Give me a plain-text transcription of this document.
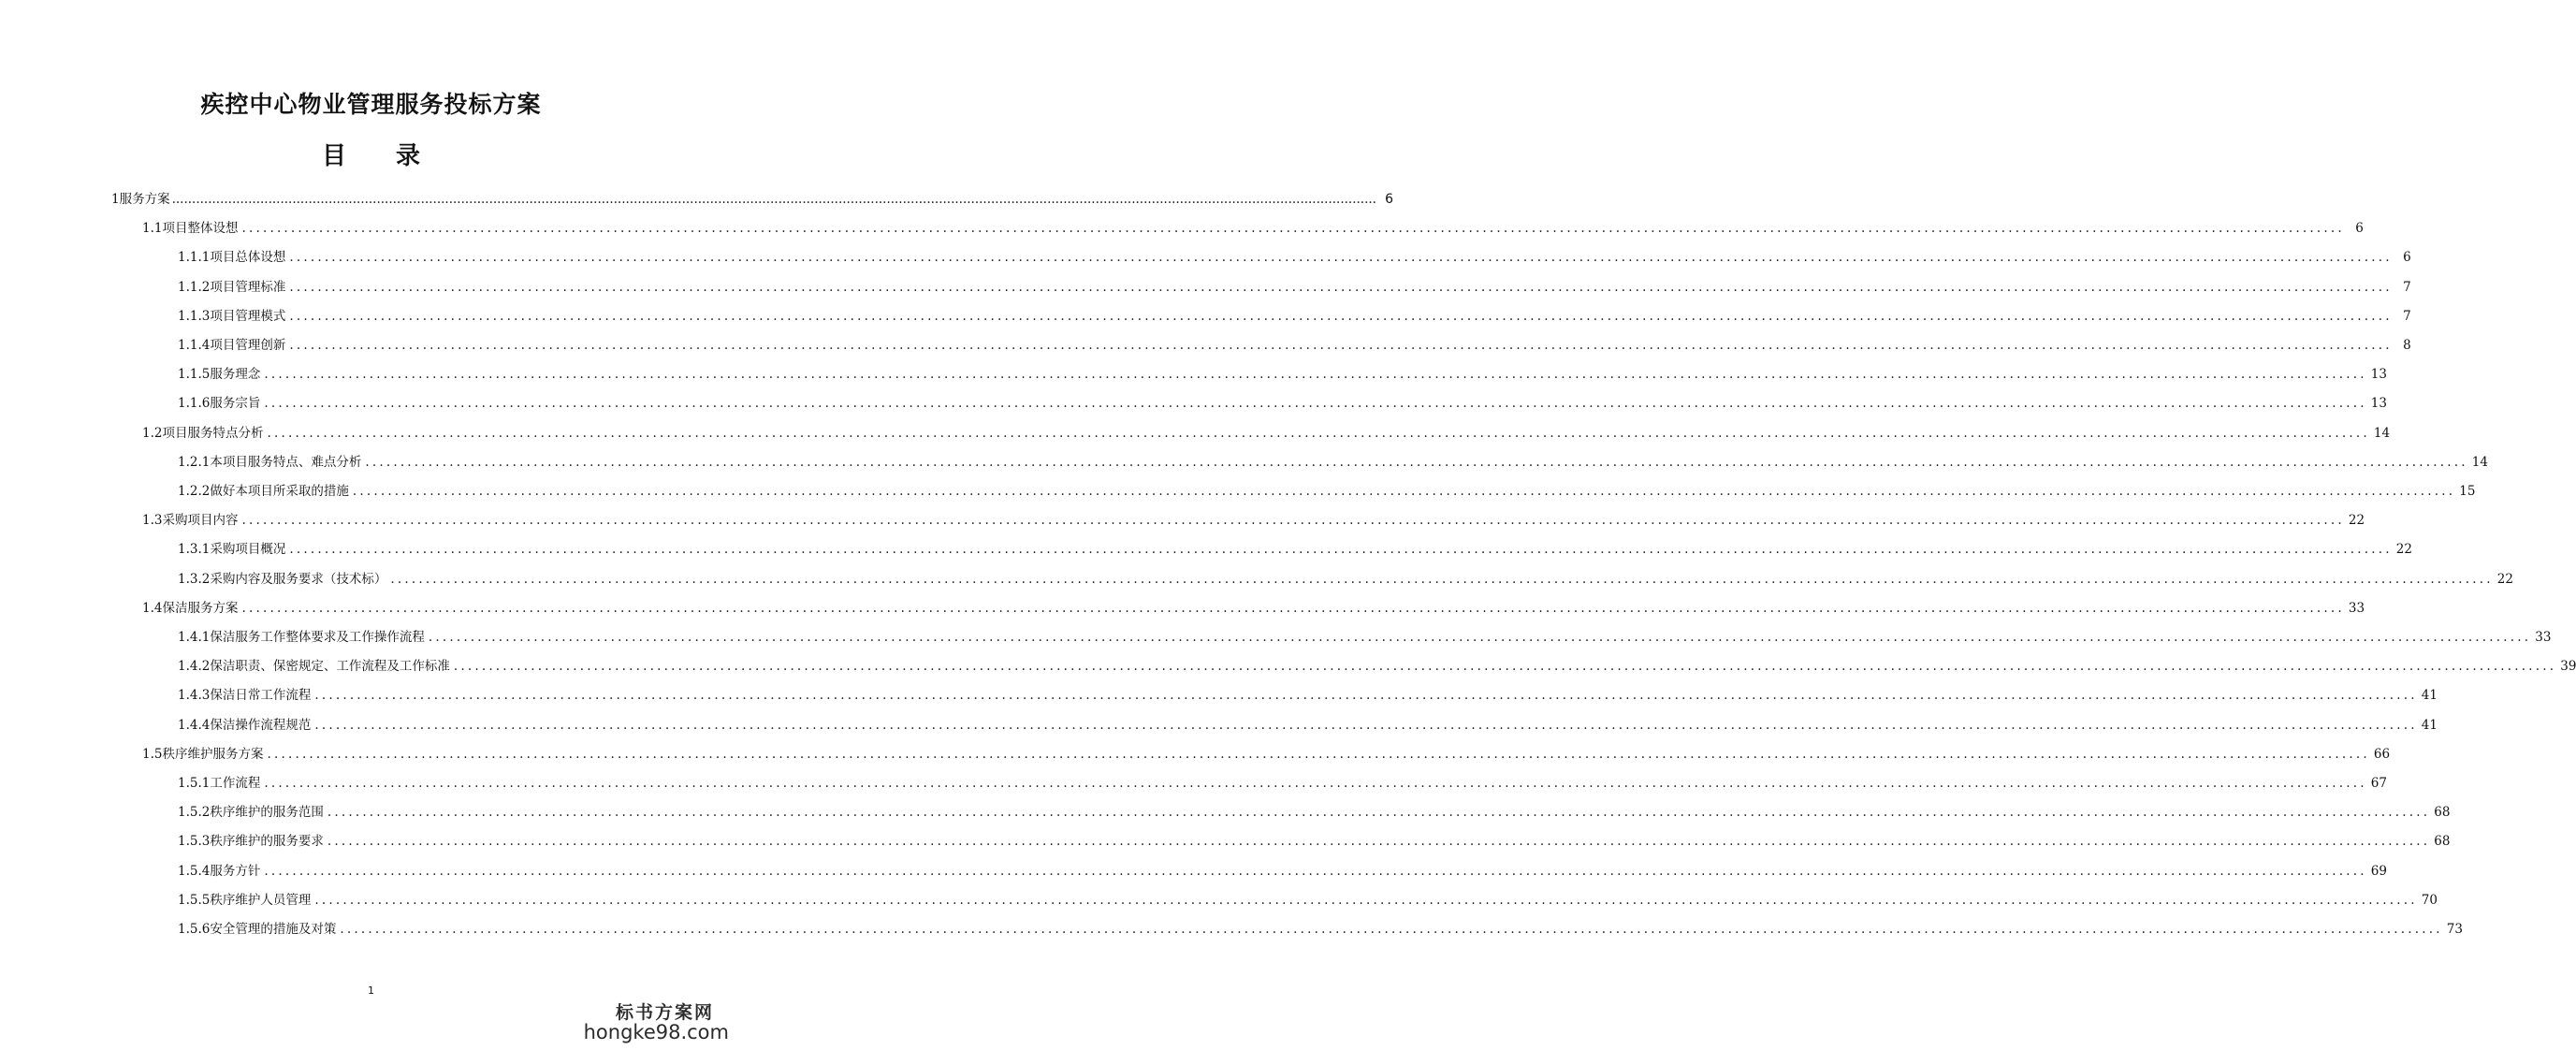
疾控中心物业管理服务投标方案
目 录
1服务方案 ............................................................................................................................................................................................................................................................................................................ 6
1.1项目整体设想 ............................................................................................................................................................................................................................................................................................................ 6
1.1.1项目总体设想 ............................................................................................................................................................................................................................................................................................................ 6
1.1.2项目管理标准 ............................................................................................................................................................................................................................................................................................................ 7
1.1.3项目管理模式 ............................................................................................................................................................................................................................................................................................................ 7
1.1.4项目管理创新 ............................................................................................................................................................................................................................................................................................................ 8
1.1.5服务理念 ............................................................................................................................................................................................................................................................................................................ 13
1.1.6服务宗旨 ............................................................................................................................................................................................................................................................................................................ 13
1.2项目服务特点分析 ............................................................................................................................................................................................................................................................................................................ 14
1.2.1本项目服务特点、难点分析 ............................................................................................................................................................................................................................................................................................................ 14
1.2.2做好本项目所采取的措施 ............................................................................................................................................................................................................................................................................................................ 15
1.3采购项目内容 ............................................................................................................................................................................................................................................................................................................ 22
1.3.1采购项目概况 ............................................................................................................................................................................................................................................................................................................ 22
1.3.2采购内容及服务要求（技术标） ............................................................................................................................................................................................................................................................................................................ 22
1.4保洁服务方案 ............................................................................................................................................................................................................................................................................................................ 33
1.4.1保洁服务工作整体要求及工作操作流程 ............................................................................................................................................................................................................................................................................................................ 33
1.4.2保洁职责、保密规定、工作流程及工作标准 ............................................................................................................................................................................................................................................................................................................ 39
1.4.3保洁日常工作流程 ............................................................................................................................................................................................................................................................................................................ 41
1.4.4保洁操作流程规范 ............................................................................................................................................................................................................................................................................................................ 41
1.5秩序维护服务方案 ............................................................................................................................................................................................................................................................................................................ 66
1.5.1工作流程 ............................................................................................................................................................................................................................................................................................................ 67
1.5.2秩序维护的服务范围 ............................................................................................................................................................................................................................................................................................................ 68
1.5.3秩序维护的服务要求 ............................................................................................................................................................................................................................................................................................................ 68
1.5.4服务方针 ............................................................................................................................................................................................................................................................................................................ 69
1.5.5秩序维护人员管理 ............................................................................................................................................................................................................................................................................................................ 70
1.5.6安全管理的措施及对策 ............................................................................................................................................................................................................................................................................................................ 73
1
标书方案网
hongke98.com
